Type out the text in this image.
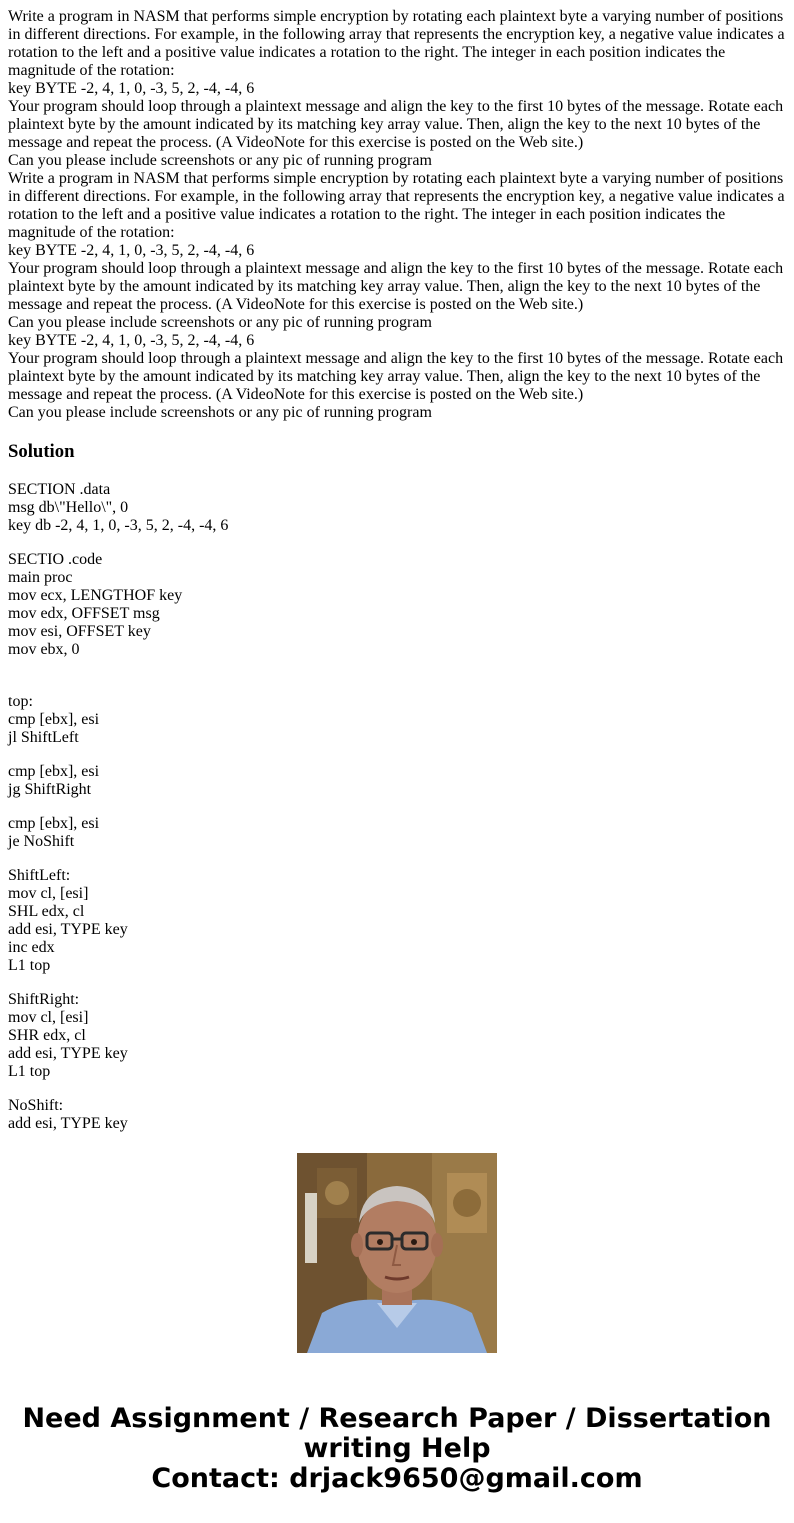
Write a program in NASM that performs simple encryption by rotating each plaintext byte a varying number of positions in different directions. For example, in the following array that represents the encryption key, a negative value indicates a rotation to the left and a positive value indicates a rotation to the right. The integer in each position indicates the magnitude of the rotation:
key BYTE -2, 4, 1, 0, -3, 5, 2, -4, -4, 6
Your program should loop through a plaintext message and align the key to the first 10 bytes of the message. Rotate each plaintext byte by the amount indicated by its matching key array value. Then, align the key to the next 10 bytes of the message and repeat the process. (A VideoNote for this exercise is posted on the Web site.)
Can you please include screenshots or any pic of running program
Write a program in NASM that performs simple encryption by rotating each plaintext byte a varying number of positions in different directions. For example, in the following array that represents the encryption key, a negative value indicates a rotation to the left and a positive value indicates a rotation to the right. The integer in each position indicates the magnitude of the rotation:
key BYTE -2, 4, 1, 0, -3, 5, 2, -4, -4, 6
Your program should loop through a plaintext message and align the key to the first 10 bytes of the message. Rotate each plaintext byte by the amount indicated by its matching key array value. Then, align the key to the next 10 bytes of the message and repeat the process. (A VideoNote for this exercise is posted on the Web site.)
Can you please include screenshots or any pic of running program
key BYTE -2, 4, 1, 0, -3, 5, 2, -4, -4, 6
Your program should loop through a plaintext message and align the key to the first 10 bytes of the message. Rotate each plaintext byte by the amount indicated by its matching key array value. Then, align the key to the next 10 bytes of the message and repeat the process. (A VideoNote for this exercise is posted on the Web site.)
Can you please include screenshots or any pic of running program
Solution
SECTION .data
msg db\"Hello\", 0
key db -2, 4, 1, 0, -3, 5, 2, -4, -4, 6
SECTIO .code
main proc
mov ecx, LENGTHOF key
mov edx, OFFSET msg
mov esi, OFFSET key
mov ebx, 0
top:
cmp [ebx], esi
jl ShiftLeft
cmp [ebx], esi
jg ShiftRight
cmp [ebx], esi
je NoShift
ShiftLeft:
mov cl, [esi]
SHL edx, cl
add esi, TYPE key
inc edx
L1 top
ShiftRight:
mov cl, [esi]
SHR edx, cl
add esi, TYPE key
L1 top
NoShift:
add esi, TYPE key
Need Assignment / Research Paper / Dissertation
writing Help
Contact: drjack9650@gmail.com
